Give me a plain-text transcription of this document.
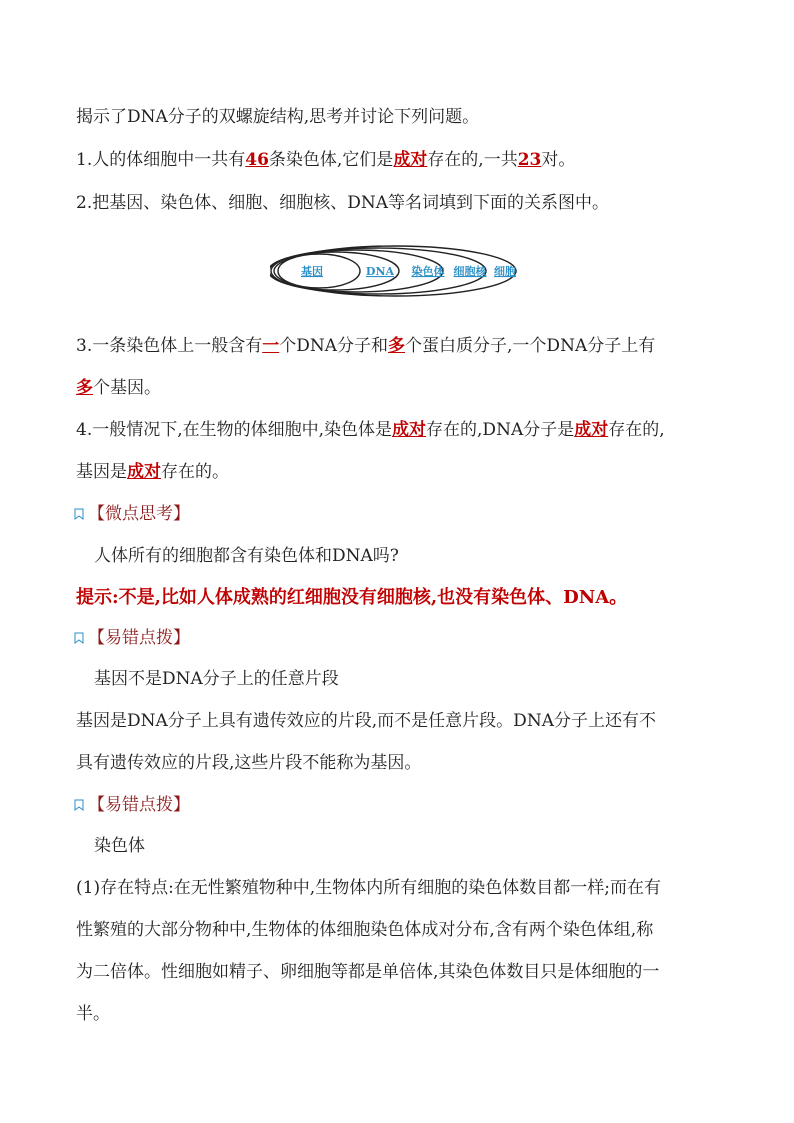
揭示了DNA分子的双螺旋结构,思考并讨论下列问题。
1.人的体细胞中一共有46条染色体,它们是成对存在的,一共23对。
2.把基因、染色体、细胞、细胞核、DNA等名词填到下面的关系图中。
基因	DNA 染色体 细胞核 细胞
3.一条染色体上一般含有一个DNA分子和多个蛋白质分子,一个DNA分子上有
多个基因。
4.一般情况下,在生物的体细胞中,染色体是成对存在的,DNA分子是成对存在的,
基因是成对存在的。
【微点思考】
人体所有的细胞都含有染色体和DNA吗?
提示:不是,比如人体成熟的红细胞没有细胞核,也没有染色体、DNA。
【易错点拨】
基因不是DNA分子上的任意片段
基因是DNA分子上具有遗传效应的片段,而不是任意片段。DNA分子上还有不
具有遗传效应的片段,这些片段不能称为基因。
【易错点拨】
染色体
(1)存在特点:在无性繁殖物种中,生物体内所有细胞的染色体数目都一样;而在有
性繁殖的大部分物种中,生物体的体细胞染色体成对分布,含有两个染色体组,称
为二倍体。性细胞如精子、卵细胞等都是单倍体,其染色体数目只是体细胞的一
半。
